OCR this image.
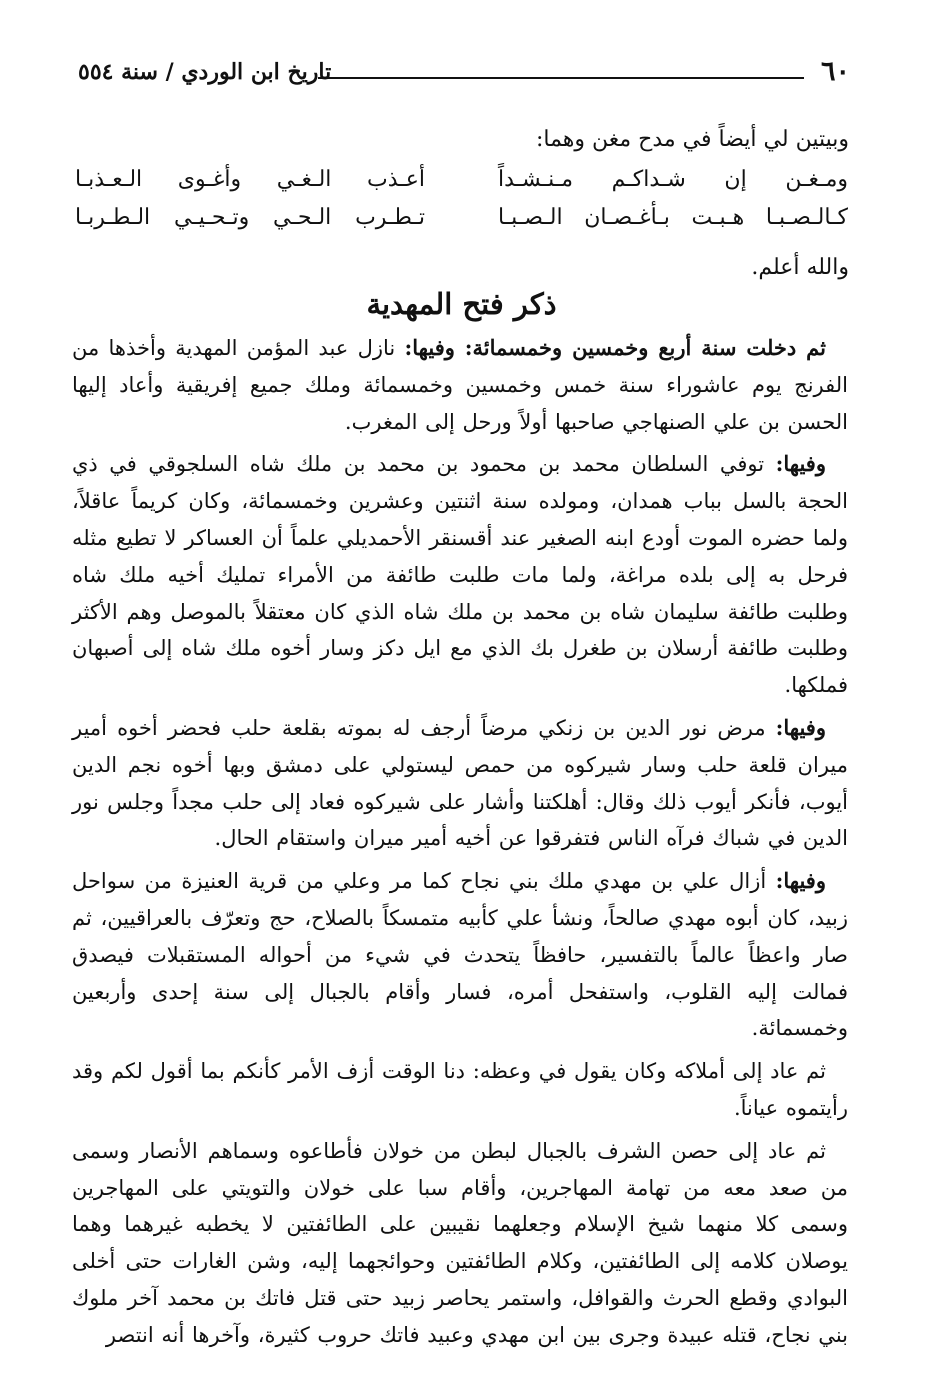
٦٠
تاريخ ابن الوردي / سنة ٥٥٤
وبيتين لي أيضاً في مدح مغن وهما:
ومـغـن إن شـداكـم مـنـشـداً
أعـذب الـغـي وأغـوى الـعـذبـا
كـالـصـبـا هـبـت بـأغـصـان الـصـبـا
تـطـرب الـحـي وتـحـيـي الـطـربـا
والله أعلم.
ذكر فتح المهدية

ثم دخلت سنة أربع وخمسين وخمسمائة: وفيها: نازل عبد المؤمن المهدية وأخذها من الفرنج يوم عاشوراء سنة خمس وخمسين وخمسمائة وملك جميع إفريقية وأعاد إليها الحسن بن علي الصنهاجي صاحبها أولاً ورحل إلى المغرب.

وفيها: توفي السلطان محمد بن محمود بن محمد بن ملك شاه السلجوقي في ذي الحجة بالسل بباب همدان، ومولده سنة اثنتين وعشرين وخمسمائة، وكان كريماً عاقلاً، ولما حضره الموت أودع ابنه الصغير عند أقسنقر الأحمديلي علماً أن العساكر لا تطيع مثله فرحل به إلى بلده مراغة، ولما مات طلبت طائفة من الأمراء تمليك أخيه ملك شاه وطلبت طائفة سليمان شاه بن محمد بن ملك شاه الذي كان معتقلاً بالموصل وهم الأكثر وطلبت طائفة أرسلان بن طغرل بك الذي مع ايل دكز وسار أخوه ملك شاه إلى أصبهان فملكها.

وفيها: مرض نور الدين بن زنكي مرضاً أرجف له بموته بقلعة حلب فحضر أخوه أمير ميران قلعة حلب وسار شيركوه من حمص ليستولي على دمشق وبها أخوه نجم الدين أيوب، فأنكر أيوب ذلك وقال: أهلكتنا وأشار على شيركوه فعاد إلى حلب مجداً وجلس نور الدين في شباك فرآه الناس فتفرقوا عن أخيه أمير ميران واستقام الحال.

وفيها: أزال علي بن مهدي ملك بني نجاح كما مر وعلي من قرية العنيزة من سواحل زبيد، كان أبوه مهدي صالحاً، ونشأ علي كأبيه متمسكاً بالصلاح، حج وتعرّف بالعراقيين، ثم صار واعظاً عالماً بالتفسير، حافظاً يتحدث في شيء من أحواله المستقبلات فيصدق فمالت إليه القلوب، واستفحل أمره، فسار وأقام بالجبال إلى سنة إحدى وأربعين وخمسمائة.

ثم عاد إلى أملاكه وكان يقول في وعظه: دنا الوقت أزف الأمر كأنكم بما أقول لكم وقد رأيتموه عياناً.

ثم عاد إلى حصن الشرف بالجبال لبطن من خولان فأطاعوه وسماهم الأنصار وسمى من صعد معه من تهامة المهاجرين، وأقام سبا على خولان والتويتي على المهاجرين وسمى كلا منهما شيخ الإسلام وجعلهما نقيبين على الطائفتين لا يخطبه غيرهما وهما يوصلان كلامه إلى الطائفتين، وكلام الطائفتين وحوائجهما إليه، وشن الغارات حتى أخلى البوادي وقطع الحرث والقوافل، واستمر يحاصر زبيد حتى قتل فاتك بن محمد آخر ملوك بني نجاح، قتله عبيدة وجرى بين ابن مهدي وعبيد فاتك حروب كثيرة، وآخرها أنه انتصر
